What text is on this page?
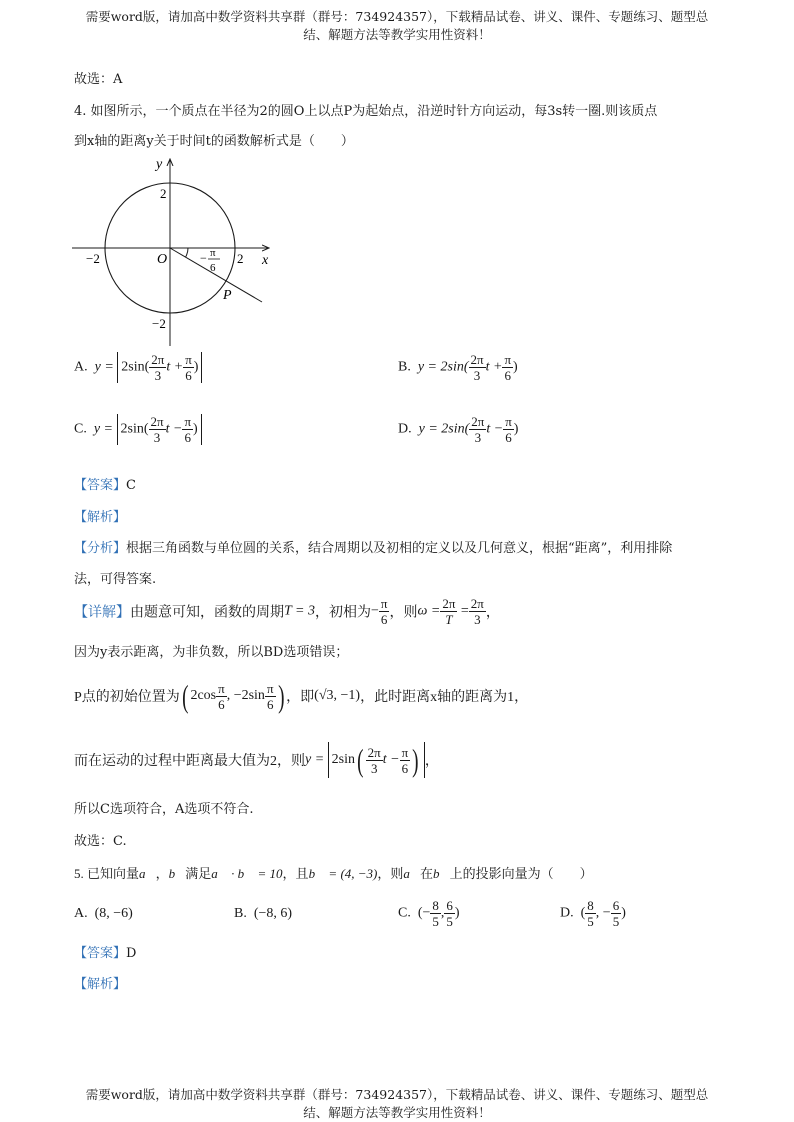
需要word版，请加高中数学资料共享群（群号：734924357），下载精品试卷、讲义、课件、专题练习、题型总
结、解题方法等教学实用性资料！
故选：A
4. 如图所示，一个质点在半径为2的圆O上以点P为起始点，沿逆时针方向运动，每3s转一圈.则该质点
到x轴的距离y关于时间t的函数解析式是（　　）
y
x
O
2
−2
−2	2
− π
6
P
A. $y = 2\sin( \frac{2\pi}{3}$ $t + \frac{\pi}{6}$ )	B. $y = 2\sin( \frac{2\pi}{3}$ $t + \frac{\pi}{6}$ )
C. $y = 2\sin( \frac{2\pi}{3}$ $t - \frac{\pi}{6}$ )	D. $y = 2\sin( \frac{2\pi}{3}$ $t - \frac{\pi}{6}$ )
【答案】C
【解析】
【分析】根据三角函数与单位圆的关系，结合周期以及初相的定义以及几何意义，根据“距离”，利用排除
法，可得答案.
【详解】由题意可知，函数的周期T = 3，初相为− $\frac{\pi}{6}$ ，则$\omega = \frac{2\pi}{T} = \frac{2\pi}{3}$ ，
因为y表示距离，为非负数，所以BD选项错误；
P点的初始位置为( $2\cos \frac{\pi}{6}$ , $-2\sin \frac{\pi}{6}$ ) ，即(√3, −1)，此时距离x轴的距离为1，
而在运动的过程中距离最大值为2，则$y = 2\sin( \frac{2\pi}{3}$ $t - \frac{\pi}{6}$ ) ，
所以C选项符合，A选项不符合.
故选：C.
5. 已知向量a⃗，b⃗满足a⃗ · b⃗ = 10，且b⃗ = (4, −3)，则a⃗在b⃗上的投影向量为（　　）
A. (8, −6)	B. (−8, 6)	C. (− $\frac{8}{5}$ , $\frac{6}{5}$ )	D. ( $\frac{8}{5}$ , − $\frac{6}{5}$ )
【答案】D
【解析】
需要word版，请加高中数学资料共享群（群号：734924357），下载精品试卷、讲义、课件、专题练习、题型总
结、解题方法等教学实用性资料！
